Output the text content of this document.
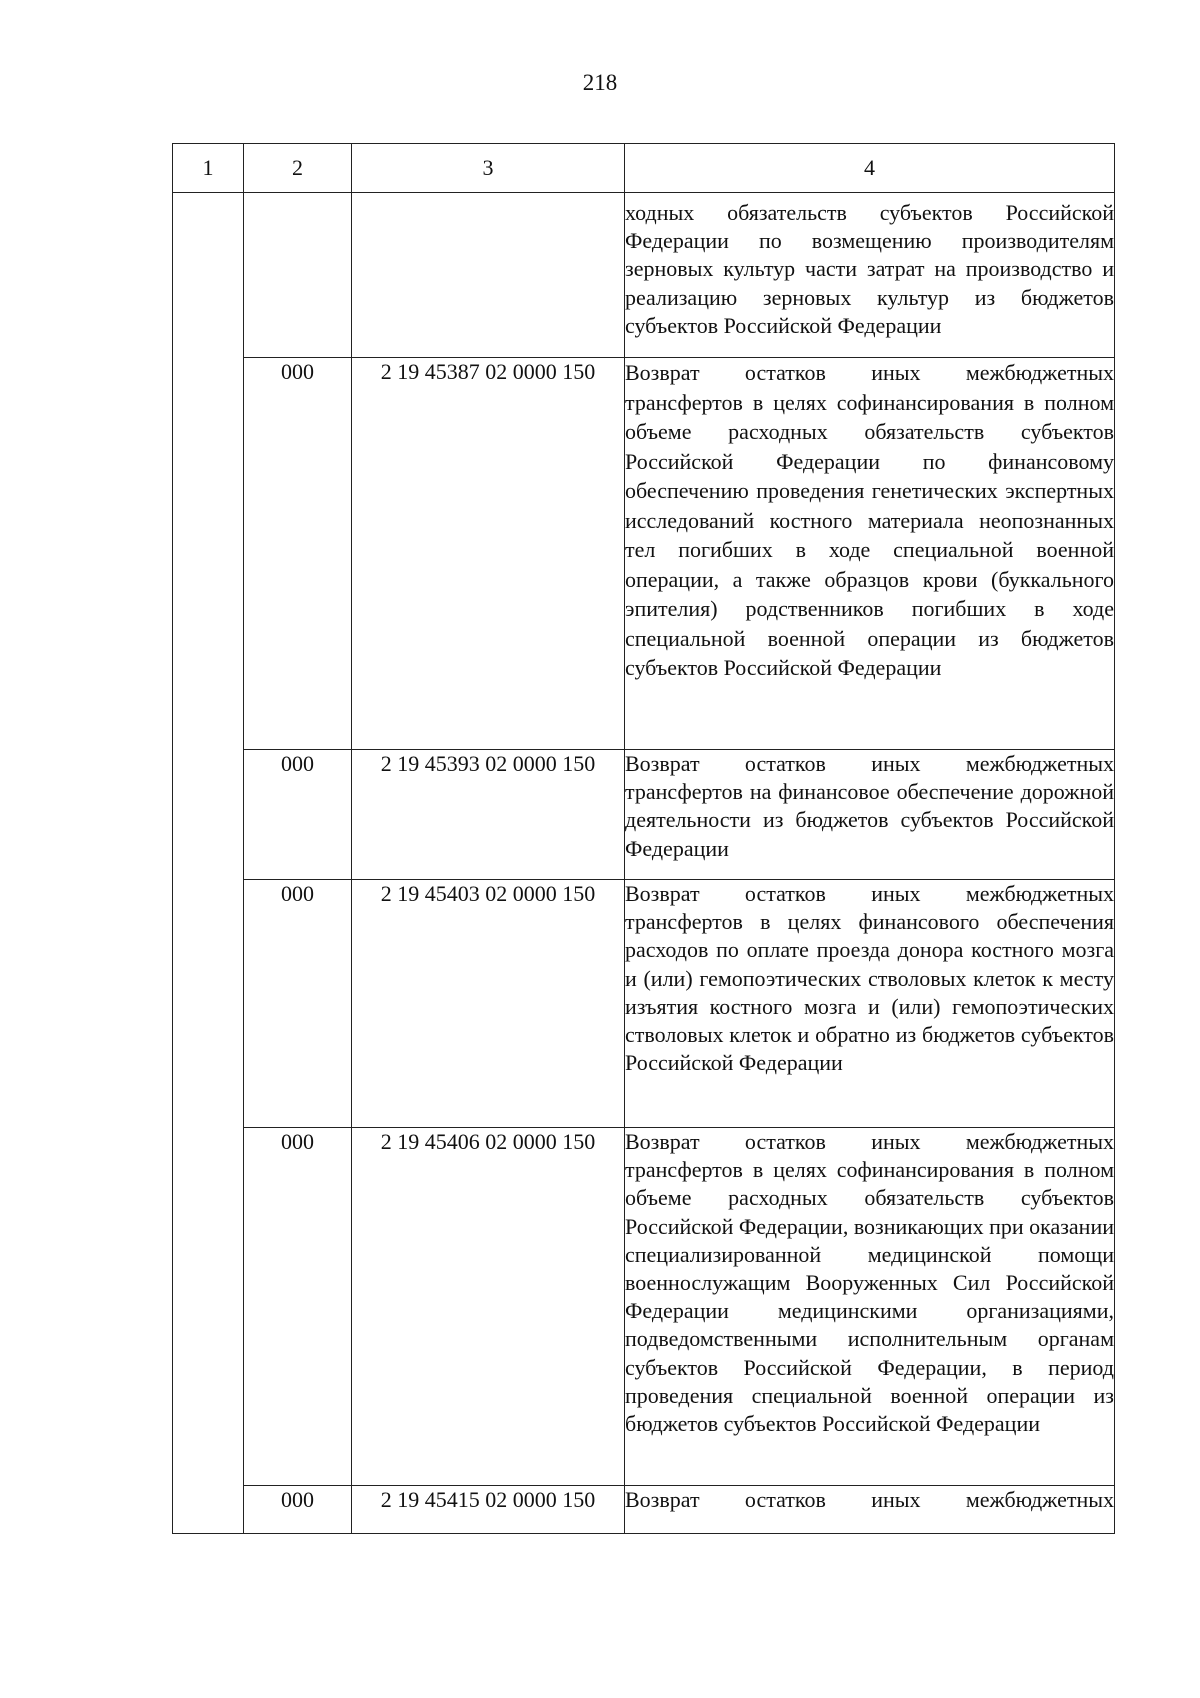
218
1	2	3	4

			ходных обязательств субъектов Российской Федерации по возмещению производителям зерновых культур части затрат на производство и реализацию зерновых культур из бюджетов субъектов Российской Федерации

	000	2 19 45387 02 0000 150	Возврат остатков иных межбюджетных трансфертов в целях софинансирования в полном объеме расходных обязательств субъектов Российской Федерации по финансовому обеспечению проведения генетических экспертных исследований костного материала неопознанных тел погибших в ходе специальной военной операции, а также образцов крови (буккального эпителия) родственников погибших в ходе специальной военной операции из бюджетов субъектов Российской Федерации

	000	2 19 45393 02 0000 150	Возврат остатков иных межбюджетных трансфертов на финансовое обеспечение дорожной деятельности из бюджетов субъектов Российской Федерации

	000	2 19 45403 02 0000 150	Возврат остатков иных межбюджетных трансфертов в целях финансового обеспечения расходов по оплате проезда донора костного мозга и (или) гемопоэтических стволовых клеток к месту изъятия костного мозга и (или) гемопоэтических стволовых клеток и обратно из бюджетов субъектов Российской Федерации

	000	2 19 45406 02 0000 150	Возврат остатков иных межбюджетных трансфертов в целях софинансирования в полном объеме расходных обязательств субъектов Российской Федерации, возникающих при оказании специализированной медицинской помощи военнослужащим Вооруженных Сил Российской Федерации медицинскими организациями, подведомственными исполнительным органам субъектов Российской Федерации, в период проведения специальной военной операции из бюджетов субъектов Российской Федерации

	000	2 19 45415 02 0000 150	Возврат остатков иных межбюджетных
